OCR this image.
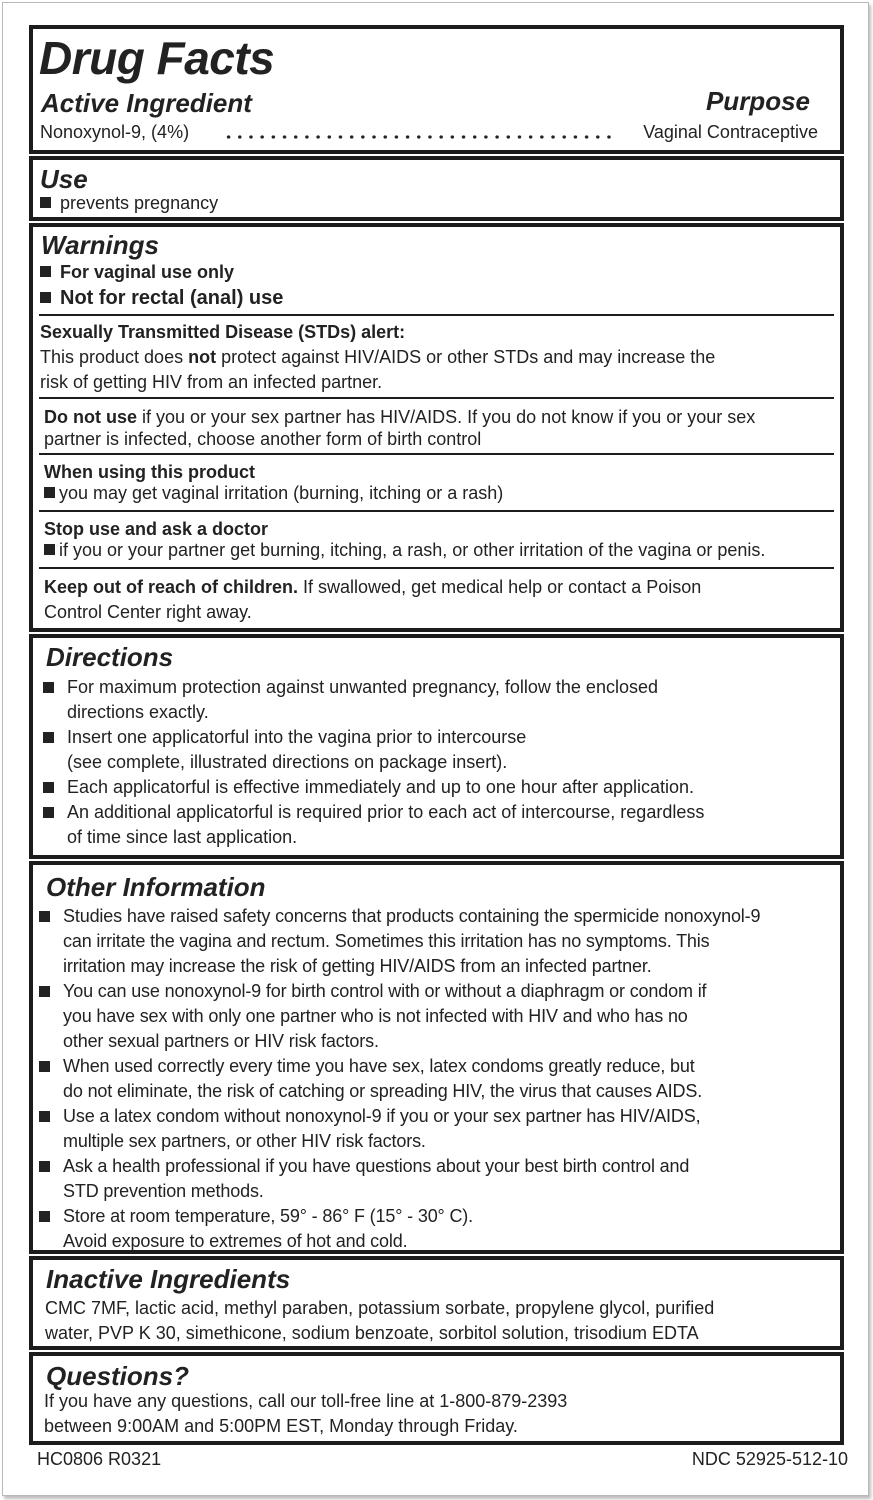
Drug Facts
Active Ingredient	Purpose
Nonoxynol-9, (4%)	Vaginal Contraceptive
Use
prevents pregnancy
Warnings
For vaginal use only
Not for rectal (anal) use
Sexually Transmitted Disease (STDs) alert:
This product does not protect against HIV/AIDS or other STDs and may increase the
risk of getting HIV from an infected partner.
Do not use if you or your sex partner has HIV/AIDS. If you do not know if you or your sex
partner is infected, choose another form of birth control
When using this product
you may get vaginal irritation (burning, itching or a rash)
Stop use and ask a doctor
if you or your partner get burning, itching, a rash, or other irritation of the vagina or penis.
Keep out of reach of children. If swallowed, get medical help or contact a Poison
Control Center right away.
Directions
For maximum protection against unwanted pregnancy, follow the enclosed
directions exactly.
Insert one applicatorful into the vagina prior to intercourse
(see complete, illustrated directions on package insert).
Each applicatorful is effective immediately and up to one hour after application.
An additional applicatorful is required prior to each act of intercourse, regardless
of time since last application.
Other Information
Studies have raised safety concerns that products containing the spermicide nonoxynol-9
can irritate the vagina and rectum. Sometimes this irritation has no symptoms. This
irritation may increase the risk of getting HIV/AIDS from an infected partner.
You can use nonoxynol-9 for birth control with or without a diaphragm or condom if
you have sex with only one partner who is not infected with HIV and who has no
other sexual partners or HIV risk factors.
When used correctly every time you have sex, latex condoms greatly reduce, but
do not eliminate, the risk of catching or spreading HIV, the virus that causes AIDS.
Use a latex condom without nonoxynol-9 if you or your sex partner has HIV/AIDS,
multiple sex partners, or other HIV risk factors.
Ask a health professional if you have questions about your best birth control and
STD prevention methods.
Store at room temperature, 59° - 86° F (15° - 30° C).
Avoid exposure to extremes of hot and cold.
Inactive Ingredients
CMC 7MF, lactic acid, methyl paraben, potassium sorbate, propylene glycol, purified
water, PVP K 30, simethicone, sodium benzoate, sorbitol solution, trisodium EDTA
Questions?
If you have any questions, call our toll-free line at 1-800-879-2393
between 9:00AM and 5:00PM EST, Monday through Friday.
HC0806 R0321	NDC 52925-512-10
